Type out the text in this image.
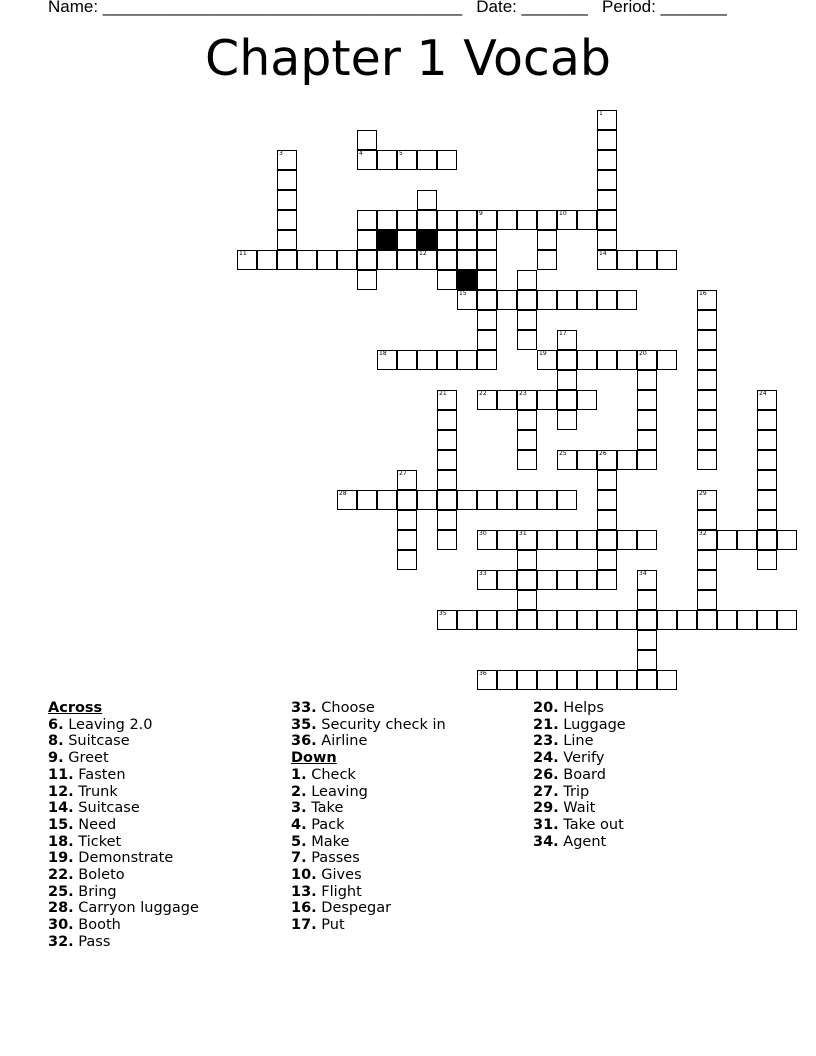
Name: ______________________________________ Date: _______ Period: _______
Chapter 1 Vocab
1
3	4	5
9	10
11	12	14
15	16
17
18	19	20
21	22	23	24
25	26
27
28	29
30	31	32
33	34
35
36
Across
6. Leaving 2.0
8. Suitcase
9. Greet
11. Fasten
12. Trunk
14. Suitcase
15. Need
18. Ticket
19. Demonstrate
22. Boleto
25. Bring
28. Carryon luggage
30. Booth
32. Pass
33. Choose
35. Security check in
36. Airline
Down
1. Check
2. Leaving
3. Take
4. Pack
5. Make
7. Passes
10. Gives
13. Flight
16. Despegar
17. Put
20. Helps
21. Luggage
23. Line
24. Verify
26. Board
27. Trip
29. Wait
31. Take out
34. Agent
